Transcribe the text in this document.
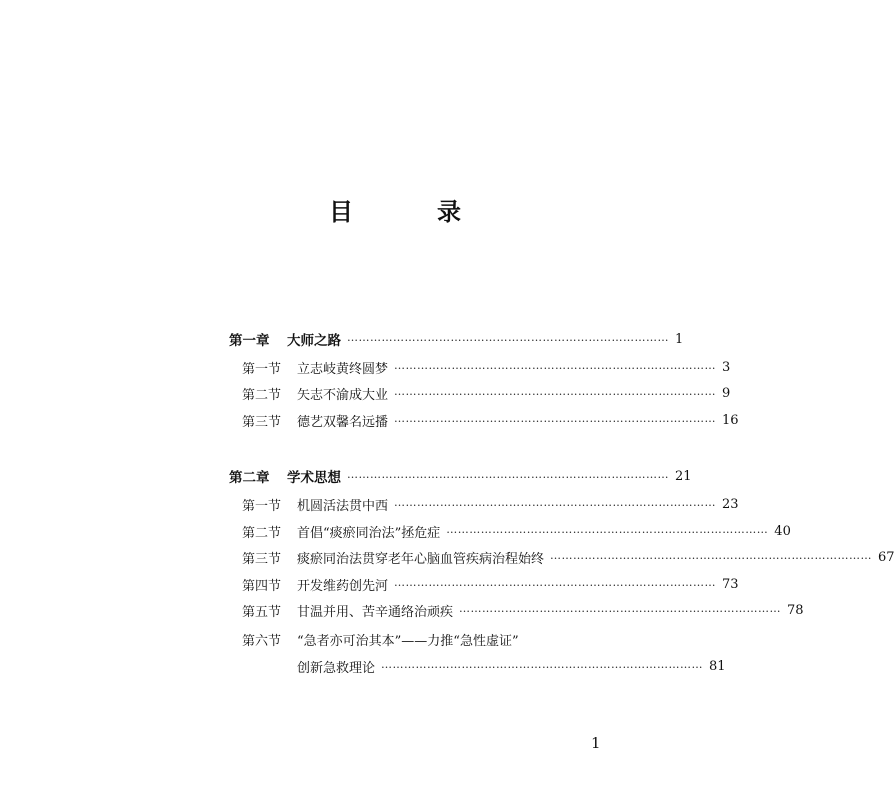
目　录
第一章	大师之路 ………………………………………………………………………… 1
第一节	立志岐黄终圆梦 ………………………………………………………………………… 3
第二节	矢志不渝成大业 ………………………………………………………………………… 9
第三节	德艺双馨名远播 ………………………………………………………………………… 16
第二章	学术思想 ………………………………………………………………………… 21
第一节	机圆活法贯中西 ………………………………………………………………………… 23
第二节	首倡“痰瘀同治法”拯危症 ………………………………………………………………………… 40
第三节	痰瘀同治法贯穿老年心脑血管疾病治程始终 ………………………………………………………………………… 67
第四节	开发维药创先河 ………………………………………………………………………… 73
第五节	甘温并用、苦辛通络治顽疾 ………………………………………………………………………… 78
第六节	“急者亦可治其本”——力推“急性虚证”
创新急救理论 ………………………………………………………………………… 81
1
